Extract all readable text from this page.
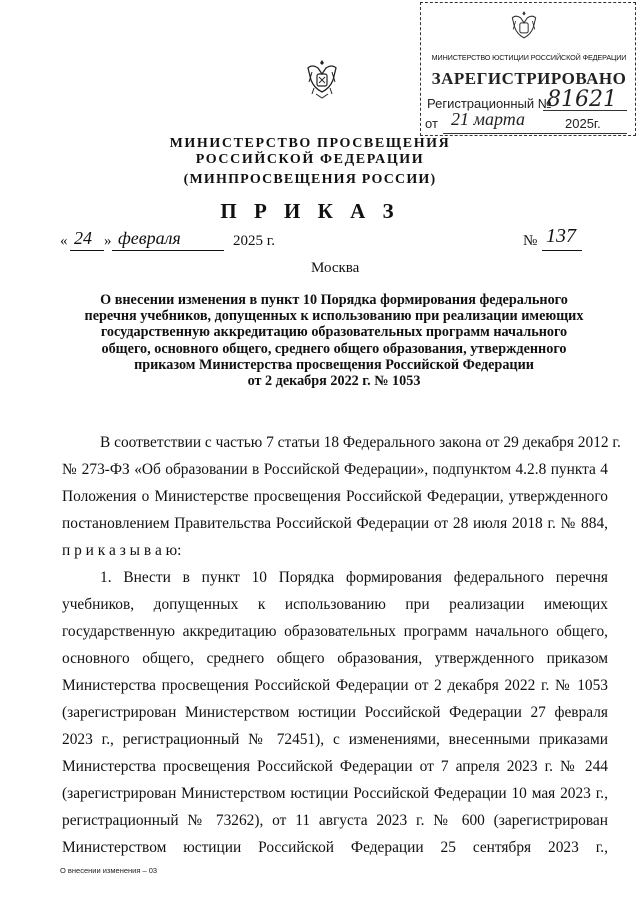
МИНИСТЕРСТВО ЮСТИЦИИ РОССИЙСКОЙ ФЕДЕРАЦИИ
ЗАРЕГИСТРИРОВАНО
Регистрационный №
81621
от 21 марта	2025г.
МИНИСТЕРСТВО ПРОСВЕЩЕНИЯ
РОССИЙСКОЙ ФЕДЕРАЦИИ
(МИНПРОСВЕЩЕНИЯ РОССИИ)
П Р И К А З
« 24 » февраля	2025 г.	№ 137
Москва
О внесении изменения в пункт 10 Порядка формирования федерального
перечня учебников, допущенных к использованию при реализации имеющих
государственную аккредитацию образовательных программ начального
общего, основного общего, среднего общего образования, утвержденного
приказом Министерства просвещения Российской Федерации
от 2 декабря 2022 г. № 1053
В соответствии с частью 7 статьи 18 Федерального закона от 29 декабря 2012 г.
№ 273-ФЗ «Об образовании в Российской Федерации», подпунктом 4.2.8 пункта 4
Положения о Министерстве просвещения Российской Федерации, утвержденного
постановлением Правительства Российской Федерации от 28 июля 2018 г. № 884,
п р и к а з ы в а ю:
1. Внести в пункт 10 Порядка формирования федерального перечня
учебников, допущенных к использованию при реализации имеющих
государственную аккредитацию образовательных программ начального общего,
основного общего, среднего общего образования, утвержденного приказом
Министерства просвещения Российской Федерации от 2 декабря 2022 г. № 1053
(зарегистрирован Министерством юстиции Российской Федерации 27 февраля
2023 г., регистрационный № 72451), с изменениями, внесенными приказами
Министерства просвещения Российской Федерации от 7 апреля 2023 г. № 244
(зарегистрирован Министерством юстиции Российской Федерации 10 мая 2023 г.,
регистрационный № 73262), от 11 августа 2023 г. № 600 (зарегистрирован
Министерством юстиции Российской Федерации 25 сентября 2023 г.,
О внесении изменения – 03
